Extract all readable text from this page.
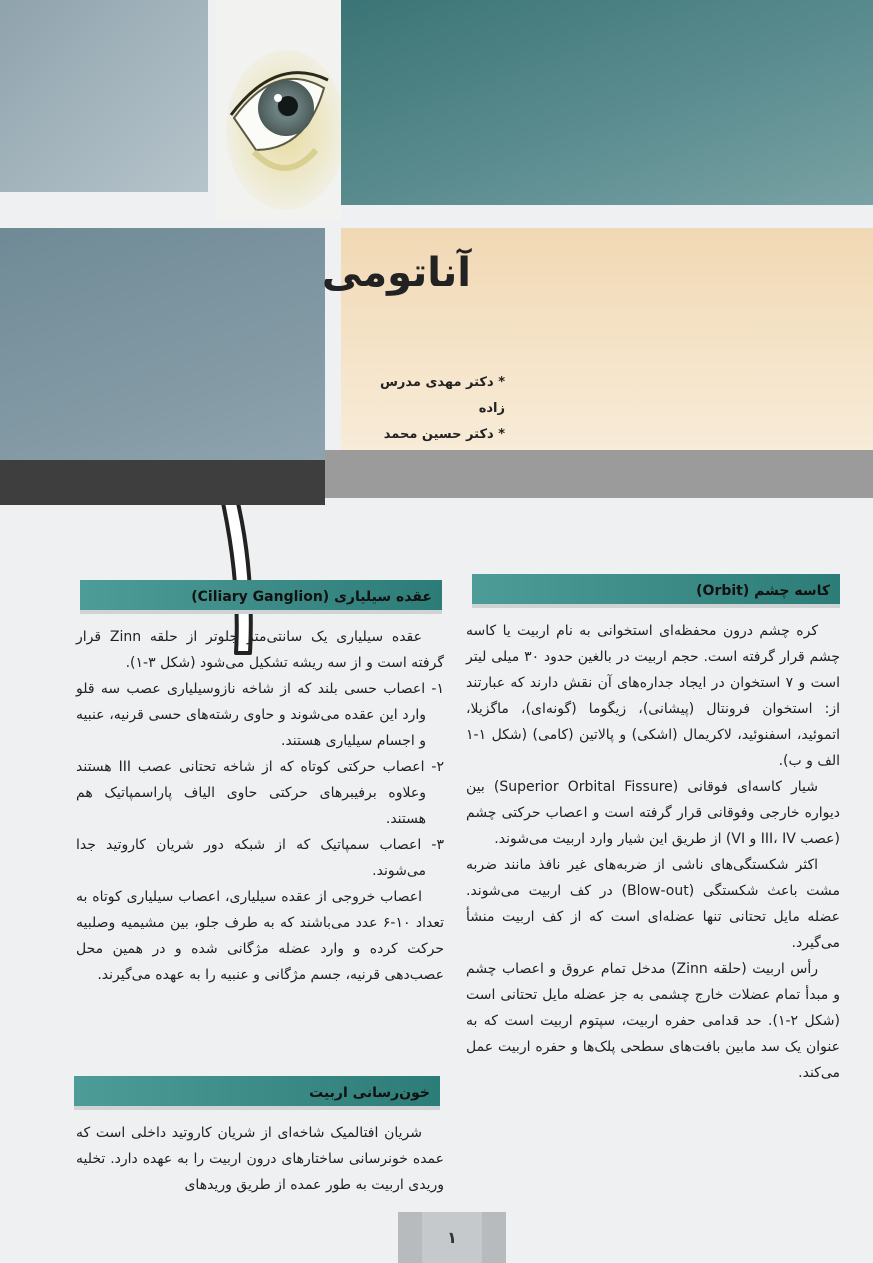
آناتومی
* دکتر مهدی مدرس زاده
* دکتر حسین محمد
کاسه چشم (Orbit)

کره چشم درون محفظه‌ای استخوانی به نام اربیت یا کاسه چشم قرار گرفته است. حجم اربیت در بالغین حدود ۳۰ میلی لیتر است و ۷ استخوان در ایجاد جداره‌های آن نقش دارند که عبارتند از: استخوان فرونتال (پیشانی)، زیگوما (گونه‌ای)، ماگزیلا، اتموئید، اسفنوئید، لاکریمال (اشکی) و پالاتین (کامی) (شکل ۱-۱ الف و ب).

شیار کاسه‌ای فوقانی (Superior Orbital Fissure) بین دیواره خارجی وفوقانی قرار گرفته است و اعصاب حرکتی چشم (عصب III، IV و VI) از طریق این شیار وارد اربیت می‌شوند.

اکثر شکستگی‌های ناشی از ضربه‌های غیر نافذ مانند ضربه مشت باعث شکستگی (Blow-out) در کف اربیت می‌شوند. عضله مایل تحتانی تنها عضله‌ای است که از کف اربیت منشأ می‌گیرد.

رأس اربیت (حلقه Zinn) مدخل تمام عروق و اعصاب چشم و مبدأ تمام عضلات خارج چشمی به جز عضله مایل تحتانی است (شکل ۲-۱). حد قدامی حفره اربیت، سپتوم اربیت است که به عنوان یک سد مابین بافت‌های سطحی پلک‌ها و حفره اربیت عمل می‌کند.

عقده سیلیاری (Ciliary Ganglion)

عقده سیلیاری یک سانتی‌متر جلوتر از حلقه Zinn قرار گرفته است و از سه ریشه تشکیل می‌شود (شکل ۳-۱).

۱- اعصاب حسی بلند که از شاخه نازوسیلیاری عصب سه قلو وارد این عقده می‌شوند و حاوی رشته‌های حسی قرنیه، عنبیه و اجسام سیلیاری هستند.

۲- اعصاب حرکتی کوتاه که از شاخه تحتانی عصب III هستند وعلاوه برفیبرهای حرکتی حاوی الیاف پاراسمپاتیک هم هستند.

۳- اعصاب سمپاتیک که از شبکه دور شریان کاروتید جدا می‌شوند.

اعصاب خروجی از عقده سیلیاری، اعصاب سیلیاری کوتاه به تعداد ۱۰-۶ عدد می‌باشند که به طرف جلو، بین مشیمیه وصلبیه حرکت کرده و وارد عضله مژگانی شده و در همین محل عصب‌دهی قرنیه، جسم مژگانی و عنبیه را به عهده می‌گیرند.

خون‌رسانی اربیت

شریان افتالمیک شاخه‌ای از شریان کاروتید داخلی است که عمده خونرسانی ساختارهای درون اربیت را به عهده دارد. تخلیه وریدی اربیت به طور عمده از طریق وریدهای

۱
